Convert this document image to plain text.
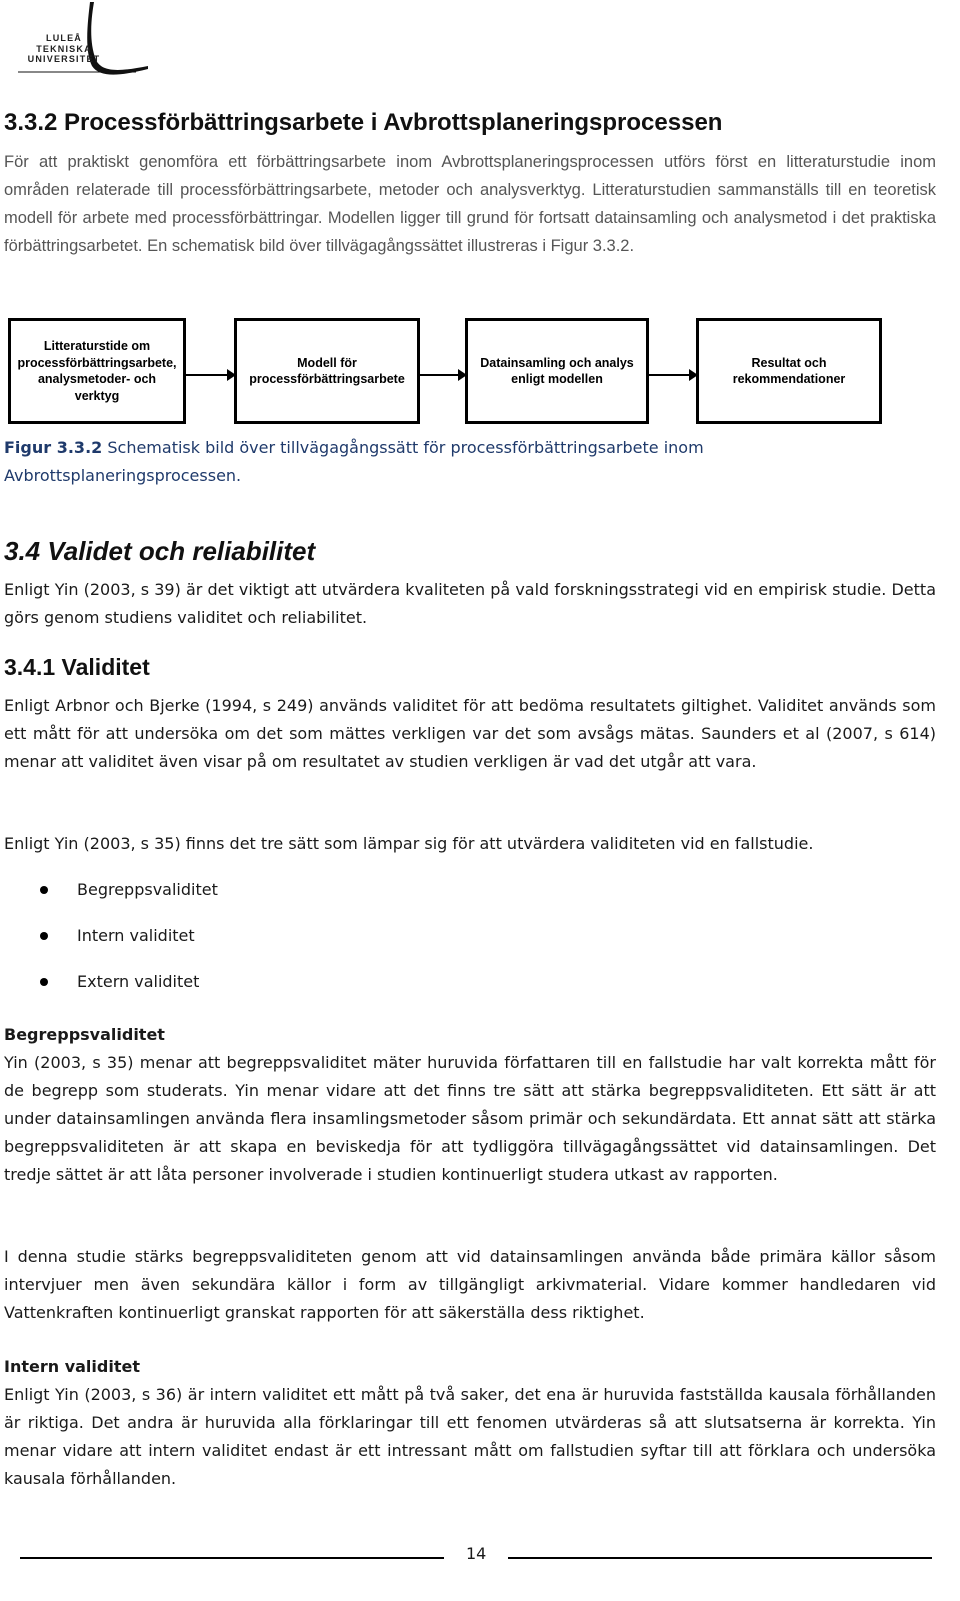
LULEÅ
TEKNISKA
UNIVERSITET
3.3.2 Processförbättringsarbete i Avbrottsplaneringsprocessen

För att praktiskt genomföra ett förbättringsarbete inom Avbrottsplaneringsprocessen utförs först en litteraturstudie inom områden relaterade till processförbättringsarbete, metoder och analysverktyg. Litteraturstudien sammanställs till en teoretisk modell för arbete med processförbättringar. Modellen ligger till grund för fortsatt datainsamling och analysmetod i det praktiska förbättringsarbetet. En schematisk bild över tillvägagångssättet illustreras i Figur 3.3.2.

Litteraturstide om processförbättringsarbete, analysmetoder- och verktyg
Modell för processförbättringsarbete
Datainsamling och analys enligt modellen
Resultat och rekommendationer

Figur 3.3.2 Schematisk bild över tillvägagångssätt för processförbättringsarbete inom Avbrottsplaneringsprocessen.

3.4 Validet och reliabilitet

Enligt Yin (2003, s 39) är det viktigt att utvärdera kvaliteten på vald forskningsstrategi vid en empirisk studie. Detta görs genom studiens validitet och reliabilitet.

3.4.1 Validitet

Enligt Arbnor och Bjerke (1994, s 249) används validitet för att bedöma resultatets giltighet. Validitet används som ett mått för att undersöka om det som mättes verkligen var det som avsågs mätas. Saunders et al (2007, s 614) menar att validitet även visar på om resultatet av studien verkligen är vad det utgår att vara.

Enligt Yin (2003, s 35) finns det tre sätt som lämpar sig för att utvärdera validiteten vid en fallstudie.

Begreppsvaliditet
Intern validitet
Extern validitet

Begreppsvaliditet

Yin (2003, s 35) menar att begreppsvaliditet mäter huruvida författaren till en fallstudie har valt korrekta mått för de begrepp som studerats. Yin menar vidare att det finns tre sätt att stärka begreppsvaliditeten. Ett sätt är att under datainsamlingen använda flera insamlingsmetoder såsom primär och sekundärdata. Ett annat sätt att stärka begreppsvaliditeten är att skapa en beviskedja för att tydliggöra tillvägagångssättet vid datainsamlingen. Det tredje sättet är att låta personer involverade i studien kontinuerligt studera utkast av rapporten.

I denna studie stärks begreppsvaliditeten genom att vid datainsamlingen använda både primära källor såsom intervjuer men även sekundära källor i form av tillgängligt arkivmaterial. Vidare kommer handledaren vid Vattenkraften kontinuerligt granskat rapporten för att säkerställa dess riktighet.

Intern validitet

Enligt Yin (2003, s 36) är intern validitet ett mått på två saker, det ena är huruvida fastställda kausala förhållanden är riktiga. Det andra är huruvida alla förklaringar till ett fenomen utvärderas så att slutsatserna är korrekta. Yin menar vidare att intern validitet endast är ett intressant mått om fallstudien syftar till att förklara och undersöka kausala förhållanden.

14
